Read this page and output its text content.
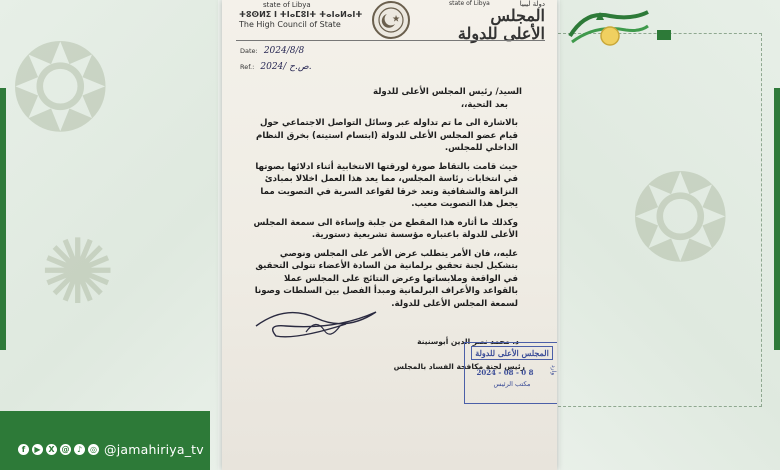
❂
✺	❂
state of Libya
ⵜⵓⵙⵍⵉ ⵏ ⵜⵏⴰⵎⵓⵏⵜ ⵜⴰⵏⴰⵍⴰⵏⵜ
The High Council of State
state of Libya	دولة ليبيا
المجلس الأعلى للدولة
Date: 2024/8/8
Ref.: 2024/ ص.ح.
السيد/ رئيس المجلس الأعلى للدولة
بعد التحية،،
بالاشارة الى ما تم تداوله عبر وسائل التواصل الاجتماعي حول قيام عضو المجلس الأعلى للدولة (ابتسام استيته) بخرق النظام الداخلي للمجلس.
حيث قامت بالتقاط صورة لورقتها الانتخابية أثناء ادلائها بصوتها في انتخابات رئاسة المجلس، مما يعد هذا العمل اخلالا بمبادئ النزاهة والشفافية وتعد خرقا لقواعد السرية في التصويت مما يجعل هذا التصويت معيب.
وكذلك ما أثاره هذا المقطع من جلبة وإساءة الى سمعة المجلس الأعلى للدولة باعتباره مؤسسة تشريعية دستورية.
عليه،، فان الأمر يتطلب عرض الأمر على المجلس ونوصي بتشكيل لجنة تحقيق برلمانية من السادة الأعضاء تتولى التحقيق في الواقعة وملابساتها وعرض النتائج على المجلس عملا بالقواعد والأعراف البرلمانية ومبدأ الفصل بين السلطات وصونا لسمعة المجلس الأعلى للدولة.
د. محمد نصر الدين أبوسنينة
رئيس لجنة مكافحة الفساد بالمجلس
المجلس الأعلى للدولة
2024 - 08 - 0 8
مكتب الرئيس
وارد
f	▶ X @ ♪ ◎ @jamahiriya_tv
